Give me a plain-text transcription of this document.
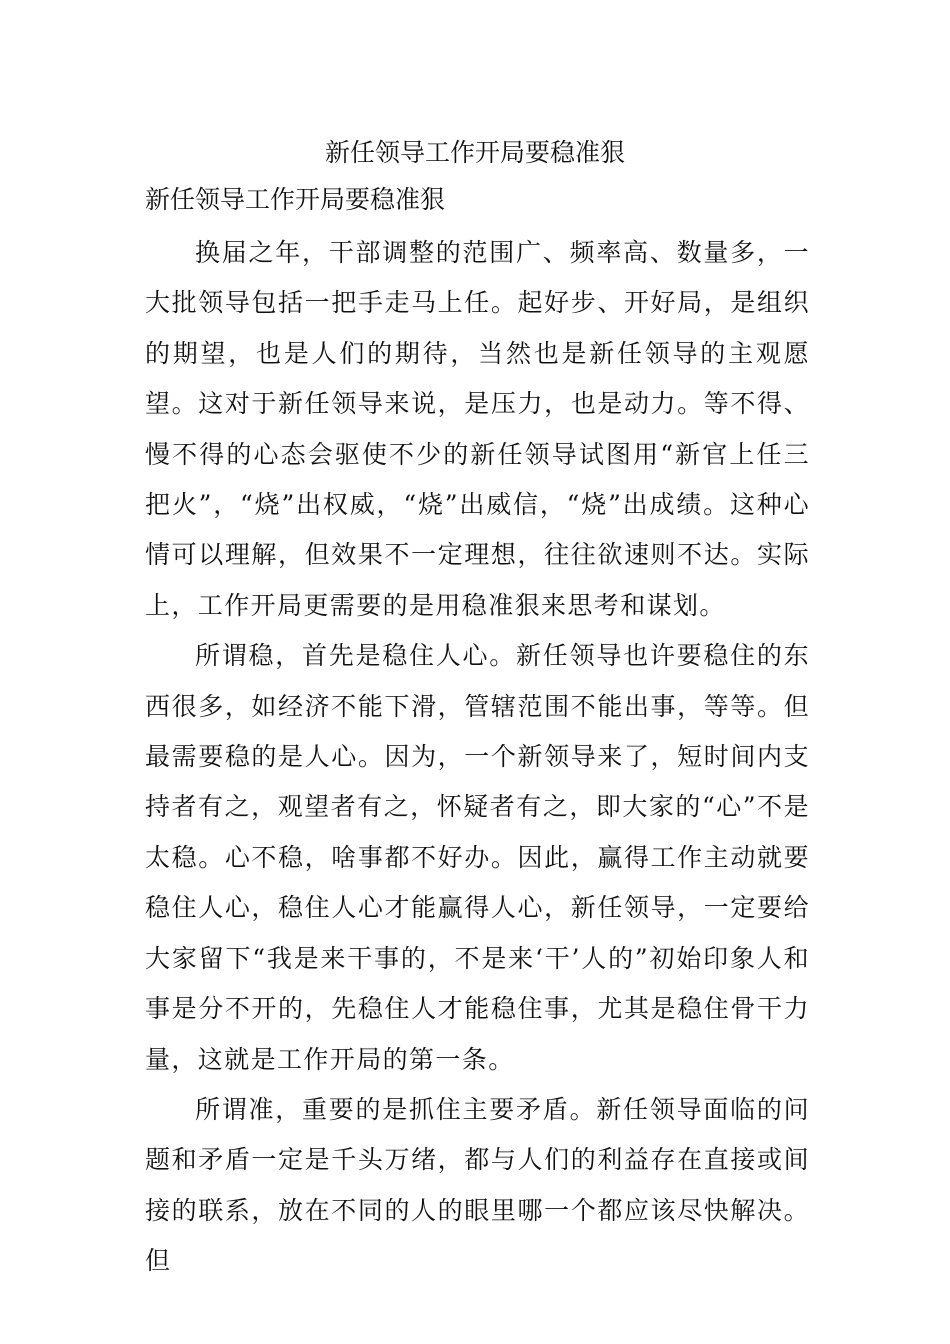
新任领导工作开局要稳准狠
新任领导工作开局要稳准狠

换届之年，干部调整的范围广、频率高、数量多，一大批领导包括一把手走马上任。起好步、开好局，是组织的期望，也是人们的期待，当然也是新任领导的主观愿望。这对于新任领导来说，是压力，也是动力。等不得、慢不得的心态会驱使不少的新任领导试图用“新官上任三把火”，“烧”出权威，“烧”出威信，“烧”出成绩。这种心情可以理解，但效果不一定理想，往往欲速则不达。实际上，工作开局更需要的是用稳准狠来思考和谋划。

所谓稳，首先是稳住人心。新任领导也许要稳住的东西很多，如经济不能下滑，管辖范围不能出事，等等。但最需要稳的是人心。因为，一个新领导来了，短时间内支持者有之，观望者有之，怀疑者有之，即大家的“心”不是太稳。心不稳，啥事都不好办。因此，赢得工作主动就要稳住人心，稳住人心才能赢得人心，新任领导，一定要给大家留下“我是来干事的，不是来‘干’人的”初始印象人和事是分不开的，先稳住人才能稳住事，尤其是稳住骨干力量，这就是工作开局的第一条。

所谓准，重要的是抓住主要矛盾。新任领导面临的问题和矛盾一定是千头万绪，都与人们的利益存在直接或间接的联系，放在不同的人的眼里哪一个都应该尽快解决。但
